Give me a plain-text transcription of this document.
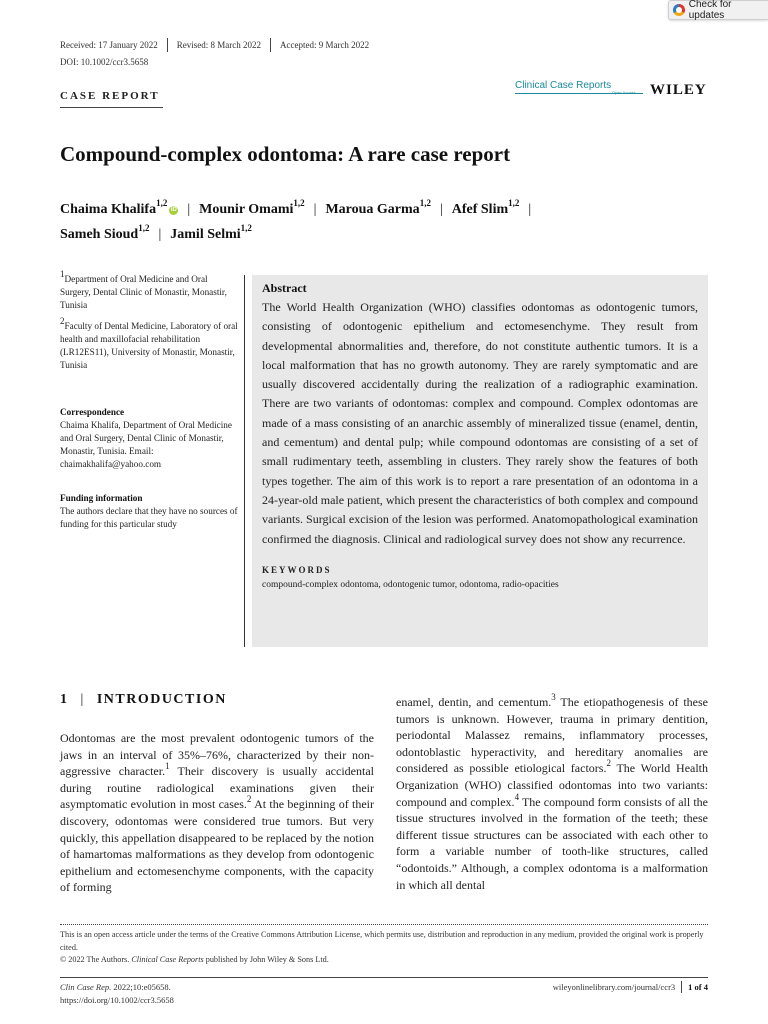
Check for updates
Received: 17 January 2022 Revised: 8 March 2022 Accepted: 9 March 2022
DOI: 10.1002/ccr3.5658
CASE REPORT
Clinical Case Reports
Open Access WILEY
Compound-complex odontoma: A rare case report
Chaima Khalifa$^{1,2}$iD | Mounir Omami$^{1,2}$ | Maroua Garma$^{1,2}$ | Afef Slim$^{1,2}$ |
Sameh Sioud$^{1,2}$ | Jamil Selmi$^{1,2}$
$^1$Department of Oral Medicine and Oral Surgery, Dental Clinic of Monastir, Monastir, Tunisia
$^2$Faculty of Dental Medicine, Laboratory of oral health and maxillofacial rehabilitation (LR12ES11), University of Monastir, Monastir, Tunisia
Correspondence
Chaima Khalifa, Department of Oral Medicine and Oral Surgery, Dental Clinic of Monastir, Monastir, Tunisia. Email: chaimakhalifa@yahoo.com
Funding information
The authors declare that they have no sources of funding for this particular study
Abstract
The World Health Organization (WHO) classifies odontomas as odontogenic tumors, consisting of odontogenic epithelium and ectomesenchyme. They result from developmental abnormalities and, therefore, do not constitute authentic tumors. It is a local malformation that has no growth autonomy. They are rarely symptomatic and are usually discovered accidentally during the realization of a radiographic examination. There are two variants of odontomas: complex and compound. Complex odontomas are made of a mass consisting of an anarchic assembly of mineralized tissue (enamel, dentin, and cementum) and dental pulp; while compound odontomas are consisting of a set of small rudimentary teeth, assembling in clusters. They rarely show the features of both types together. The aim of this work is to report a rare presentation of an odontoma in a 24-year-old male patient, which present the characteristics of both complex and compound variants. Surgical excision of the lesion was performed. Anatomopathological examination confirmed the diagnosis. Clinical and radiological survey does not show any recurrence.
KEYWORDS
compound-complex odontoma, odontogenic tumor, odontoma, radio-opacities
1 | INTRODUCTION
Odontomas are the most prevalent odontogenic tumors of the jaws in an interval of 35%–76%, characterized by their non-aggressive character.$^1$ Their discovery is usually accidental during routine radiological examinations given their asymptomatic evolution in most cases.$^2$ At the beginning of their discovery, odontomas were considered true tumors. But very quickly, this appellation disappeared to be replaced by the notion of hamartomas malformations as they develop from odontogenic epithelium and ectomesenchyme components, with the capacity of forming
enamel, dentin, and cementum.$^3$ The etiopathogenesis of these tumors is unknown. However, trauma in primary dentition, periodontal Malassez remains, inflammatory processes, odontoblastic hyperactivity, and hereditary anomalies are considered as possible etiological factors.$^2$ The World Health Organization (WHO) classified odontomas into two variants: compound and complex.$^4$ The compound form consists of all the tissue structures involved in the formation of the teeth; these different tissue structures can be associated with each other to form a variable number of tooth-like structures, called “odontoids.” Although, a complex odontoma is a malformation in which all dental
This is an open access article under the terms of the Creative Commons Attribution License, which permits use, distribution and reproduction in any medium, provided the original work is properly cited.
© 2022 The Authors. Clinical Case Reports published by John Wiley & Sons Ltd.
Clin Case Rep. 2022;10:e05658.
https://doi.org/10.1002/ccr3.5658
wileyonlinelibrary.com/journal/ccr3 1 of 4
